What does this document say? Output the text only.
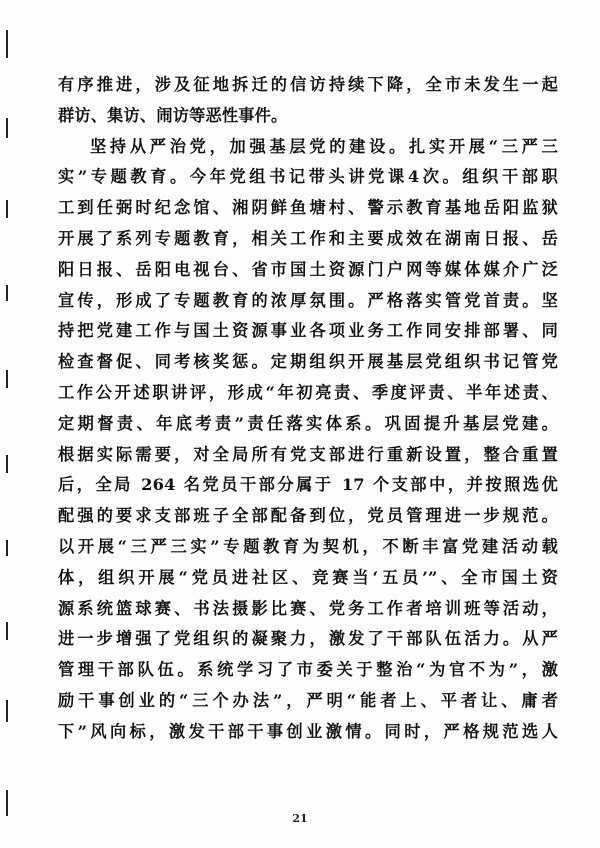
有序推进，涉及征地拆迁的信访持续下降，全市未发生一起
群访、集访、闹访等恶性事件。
坚持从严治党，加强基层党的建设。扎实开展“三严三
实”专题教育。今年党组书记带头讲党课4次。组织干部职
工到任弼时纪念馆、湘阴鲜鱼塘村、警示教育基地岳阳监狱
开展了系列专题教育，相关工作和主要成效在湖南日报、岳
阳日报、岳阳电视台、省市国土资源门户网等媒体媒介广泛
宣传，形成了专题教育的浓厚氛围。严格落实管党首责。坚
持把党建工作与国土资源事业各项业务工作同安排部署、同
检查督促、同考核奖惩。定期组织开展基层党组织书记管党
工作公开述职讲评，形成“年初亮责、季度评责、半年述责、
定期督责、年底考责”责任落实体系。巩固提升基层党建。
根据实际需要，对全局所有党支部进行重新设置，整合重置
后，全局 264 名党员干部分属于 17 个支部中，并按照选优
配强的要求支部班子全部配备到位，党员管理进一步规范。
以开展“三严三实”专题教育为契机，不断丰富党建活动载
体，组织开展“党员进社区、竞赛当‘五员’”、全市国土资
源系统篮球赛、书法摄影比赛、党务工作者培训班等活动，
进一步增强了党组织的凝聚力，激发了干部队伍活力。从严
管理干部队伍。系统学习了市委关于整治“为官不为”，激
励干事创业的“三个办法”，严明“能者上、平者让、庸者
下”风向标，激发干部干事创业激情。同时，严格规范选人
21
